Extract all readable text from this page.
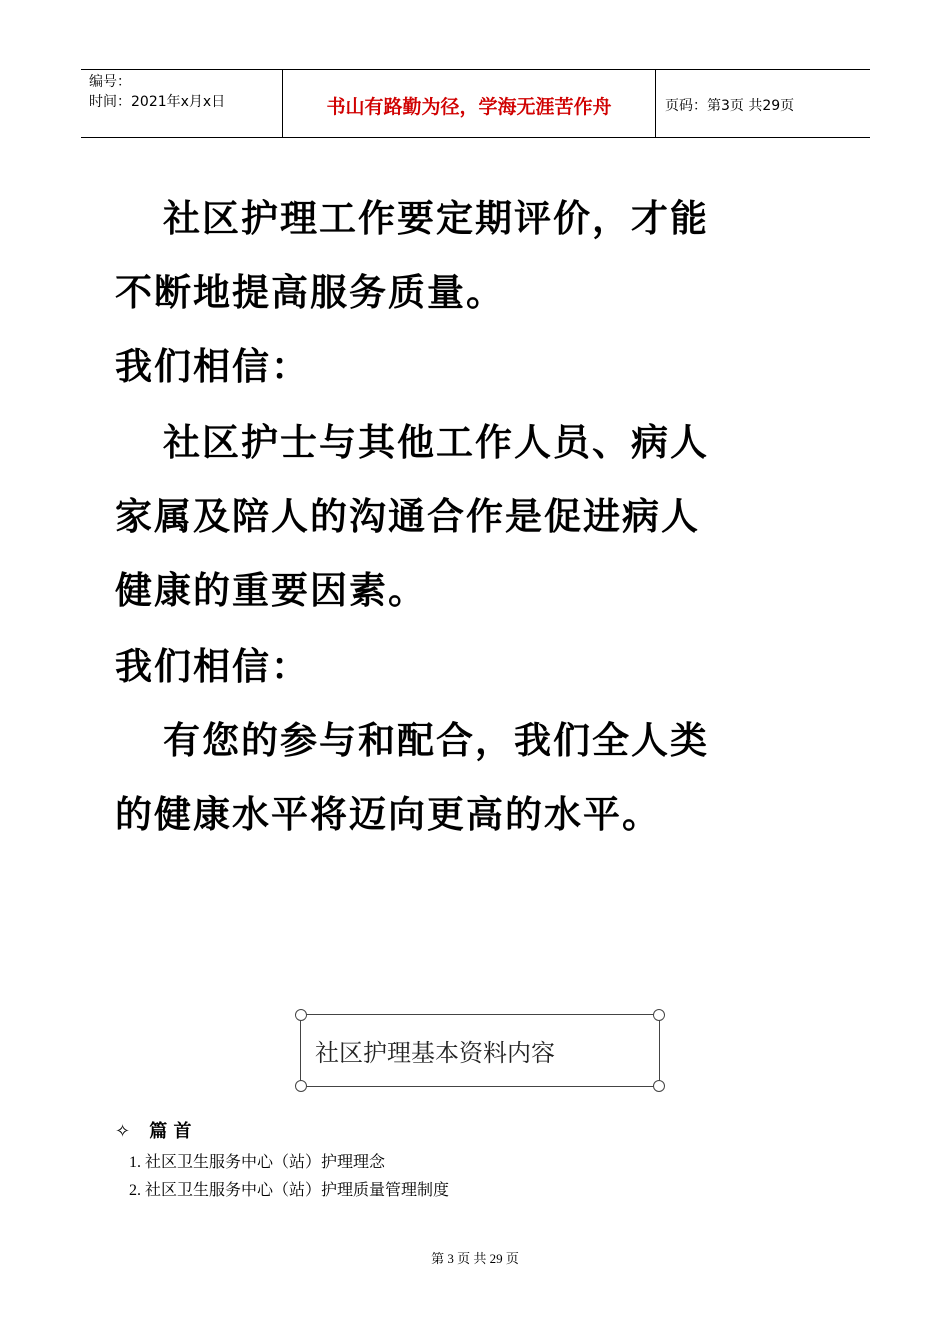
编号：
时间：2021年x月x日	书山有路勤为径，学海无涯苦作舟	页码：第3页 共29页
社区护理工作要定期评价，才能
不断地提高服务质量。
我们相信：
社区护士与其他工作人员、病人
家属及陪人的沟通合作是促进病人
健康的重要因素。
我们相信：
有您的参与和配合，我们全人类
的健康水平将迈向更高的水平。
社区护理基本资料内容
✧ 篇 首
1. 社区卫生服务中心（站）护理理念
2. 社区卫生服务中心（站）护理质量管理制度
第 3 页 共 29 页
